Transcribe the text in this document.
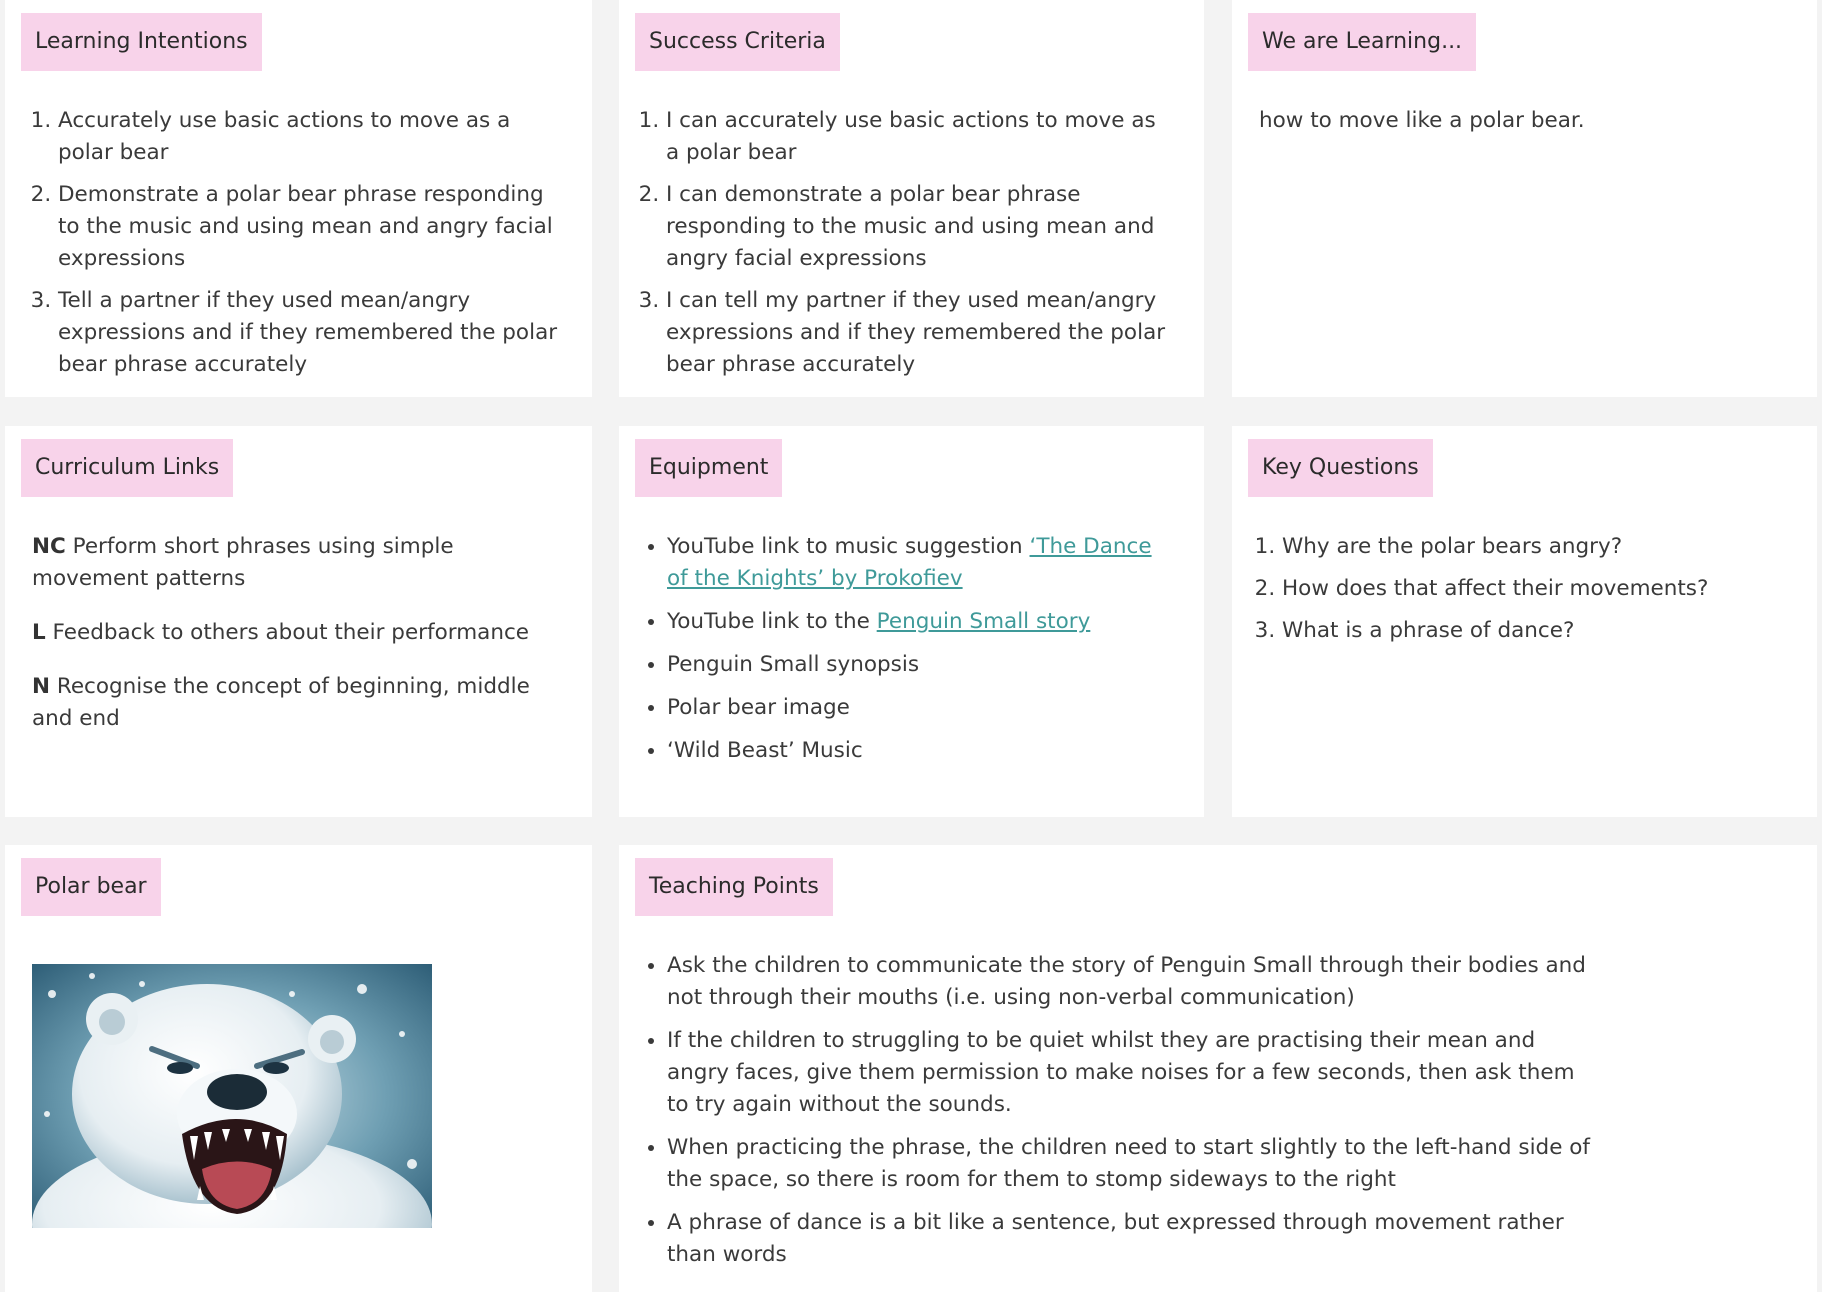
Learning Intentions
1. Accurately use basic actions to move as a polar bear
2. Demonstrate a polar bear phrase responding to the music and using mean and angry facial expressions
3. Tell a partner if they used mean/angry expressions and if they remembered the polar bear phrase accurately
Success Criteria
1. I can accurately use basic actions to move as a polar bear
2. I can demonstrate a polar bear phrase responding to the music and using mean and angry facial expressions
3. I can tell my partner if they used mean/angry expressions and if they remembered the polar bear phrase accurately
We are Learning...
how to move like a polar bear.
Curriculum Links

NC Perform short phrases using simple movement patterns

L Feedback to others about their performance

N Recognise the concept of beginning, middle and end

Equipment
• YouTube link to music suggestion ‘The Dance of the Knights’ by Prokofiev
• YouTube link to the Penguin Small story
• Penguin Small synopsis
• Polar bear image
• ‘Wild Beast’ Music
Key Questions
1. Why are the polar bears angry?
2. How does that affect their movements?
3. What is a phrase of dance?
Polar bear	Teaching Points
• Ask the children to communicate the story of Penguin Small through their bodies and not through their mouths (i.e. using non-verbal communication)
• If the children to struggling to be quiet whilst they are practising their mean and angry faces, give them permission to make noises for a few seconds, then ask them to try again without the sounds.
• When practicing the phrase, the children need to start slightly to the left-hand side of the space, so there is room for them to stomp sideways to the right
• A phrase of dance is a bit like a sentence, but expressed through movement rather than words
